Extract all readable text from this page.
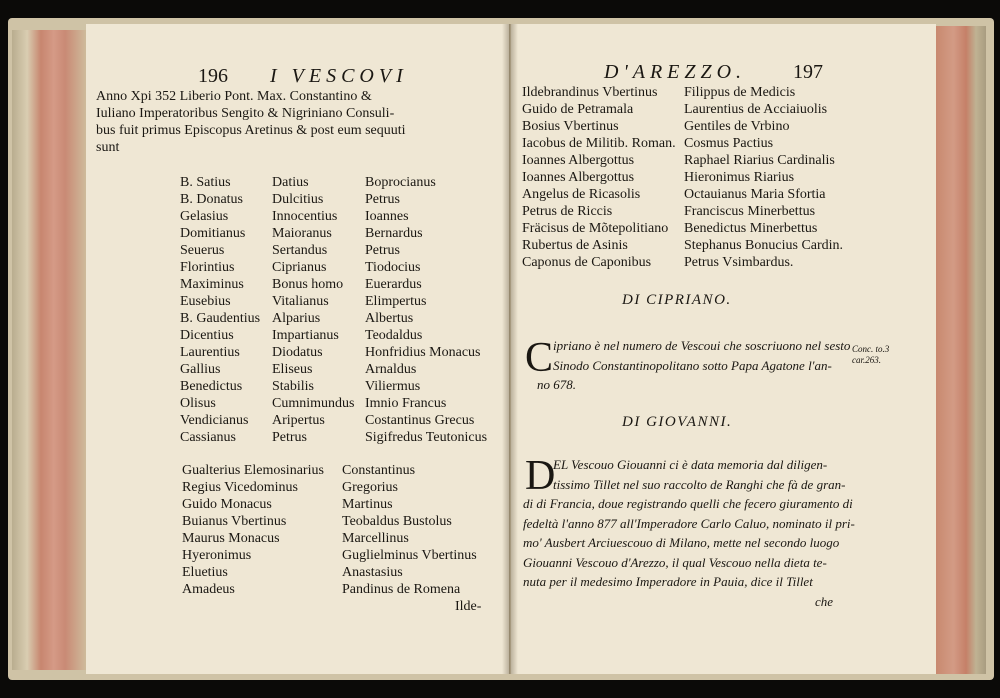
196 I VESCOVI
Anno Xpi 352 Liberio Pont. Max. Constantino &
Iuliano Imperatoribus Sengito & Nigriniano Consuli-
bus fuit primus Episcopus Aretinus & post eum sequuti
sunt
B. Satius
B. Donatus
Gelasius
Domitianus
Seuerus
Florintius
Maximinus
Eusebius
B. Gaudentius
Dicentius
Laurentius
Gallius
Benedictus
Olisus
Vendicianus
Cassianus
Datius
Dulcitius
Innocentius
Maioranus
Sertandus
Ciprianus
Bonus homo
Vitalianus
Alparius
Impartianus
Diodatus
Eliseus
Stabilis
Cumnimundus
Aripertus
Petrus
Boprocianus
Petrus
Ioannes
Bernardus
Petrus
Tiodocius
Euerardus
Elimpertus
Albertus
Teodaldus
Honfridius Monacus
Arnaldus
Viliermus
Imnio Francus
Costantinus Grecus
Sigifredus Teutonicus
Gualterius Elemosinarius
Regius Vicedominus
Guido Monacus
Buianus Vbertinus
Maurus Monacus
Hyeronimus
Eluetius
Amadeus
Constantinus
Gregorius
Martinus
Teobaldus Bustolus
Marcellinus
Guglielminus Vbertinus
Anastasius
Pandinus de Romena
Ilde-
D'AREZZO. 197
Ildebrandinus Vbertinus
Guido de Petramala
Bosius Vbertinus
Iacobus de Militib. Roman.
Ioannes Albergottus
Ioannes Albergottus
Angelus de Ricasolis
Petrus de Riccis
Fräcisus de Mõtepolitiano
Rubertus de Asinis
Caponus de Caponibus
Filippus de Medicis
Laurentius de Acciaiuolis
Gentiles de Vrbino
Cosmus Pactius
Raphael Riarius Cardinalis
Hieronimus Riarius
Octauianus Maria Sfortia
Franciscus Minerbettus
Benedictus Minerbettus
Stephanus Bonucius Cardin.
Petrus Vsimbardus.
DI CIPRIANO.
C ipriano è nel numero de Vescoui che soscriuono nel sesto
Sinodo Constantinopolitano sotto Papa Agatone l'an-
no 678.
Conc. to.3
car.263.
DI GIOVANNI.
D
EL Vescouo Giouanni ci è data memoria dal diligen-
tissimo Tillet nel suo raccolto de Ranghi che fà de gran-
di di Francia, doue registrando quelli che fecero giuramento di
fedeltà l'anno 877 all'Imperadore Carlo Caluo, nominato il pri-
mo' Ausbert Arciuescouo di Milano, mette nel secondo luogo
Giouanni Vescouo d'Arezzo, il qual Vescouo nella dieta te-
nuta per il medesimo Imperadore in Pauia, dice il Tillet
che
